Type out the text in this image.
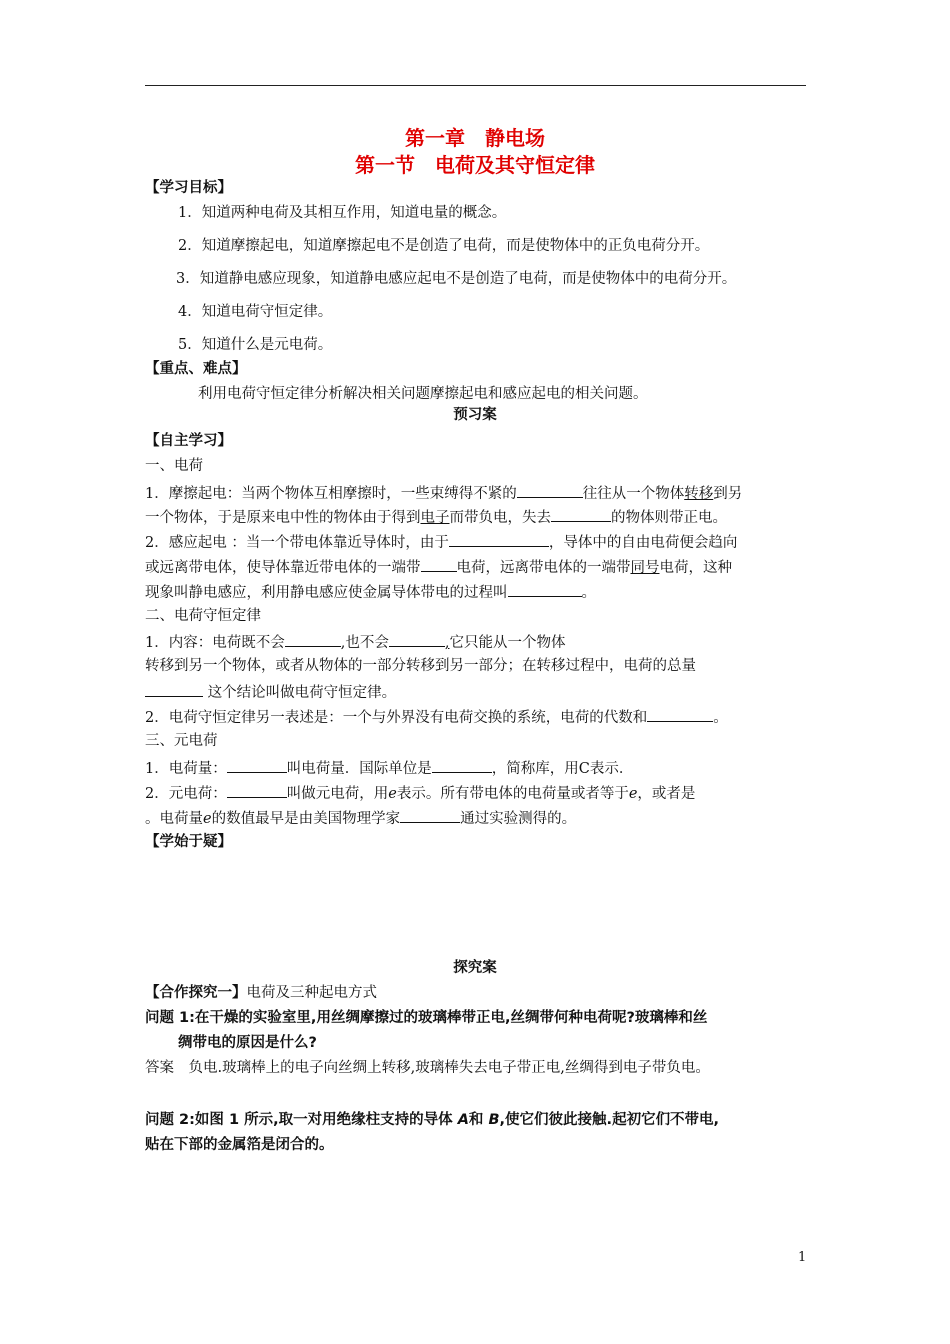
第一章　静电场
第一节　电荷及其守恒定律
【学习目标】
1．知道两种电荷及其相互作用，知道电量的概念。
2．知道摩擦起电，知道摩擦起电不是创造了电荷，而是使物体中的正负电荷分开。
3．知道静电感应现象，知道静电感应起电不是创造了电荷，而是使物体中的电荷分开。
4．知道电荷守恒定律。
5．知道什么是元电荷。
【重点、难点】
利用电荷守恒定律分析解决相关问题摩擦起电和感应起电的相关问题。
预习案
【自主学习】
一、电荷
1．摩擦起电：当两个物体互相摩擦时，一些束缚得不紧的	往往从一个物体转移到另
一个物体，于是原来电中性的物体由于得到电子而带负电，失去	的物体则带正电。
2．感应起电 ：当一个带电体靠近导体时，由于	，导体中的自由电荷便会趋向
或远离带电体，使导体靠近带电体的一端带 电荷，远离带电体的一端带同号电荷，这种
现象叫静电感应，利用静电感应使金属导体带电的过程叫	。
二、电荷守恒定律
1．内容：电荷既不会	,也不会	,它只能从一个物体
转移到另一个物体，或者从物体的一部分转移到另一部分；在转移过程中，电荷的总量
这个结论叫做电荷守恒定律。
2．电荷守恒定律另一表述是：一个与外界没有电荷交换的系统，电荷的代数和	。
三、元电荷
1．电荷量：	叫电荷量．国际单位是	，简称库，用C表示．
2．元电荷：	叫做元电荷，用e表示。所有带电体的电荷量或者等于e，或者是
。电荷量e的数值最早是由美国物理学家	通过实验测得的。
【学始于疑】
探究案
【合作探究一】电荷及三种起电方式
问题 1:在干燥的实验室里,用丝绸摩擦过的玻璃棒带正电,丝绸带何种电荷呢?玻璃棒和丝
绸带电的原因是什么?
答案　负电.玻璃棒上的电子向丝绸上转移,玻璃棒失去电子带正电,丝绸得到电子带负电。
问题 2:如图 1 所示,取一对用绝缘柱支持的导体 A和 B,使它们彼此接触.起初它们不带电,
贴在下部的金属箔是闭合的。
1
